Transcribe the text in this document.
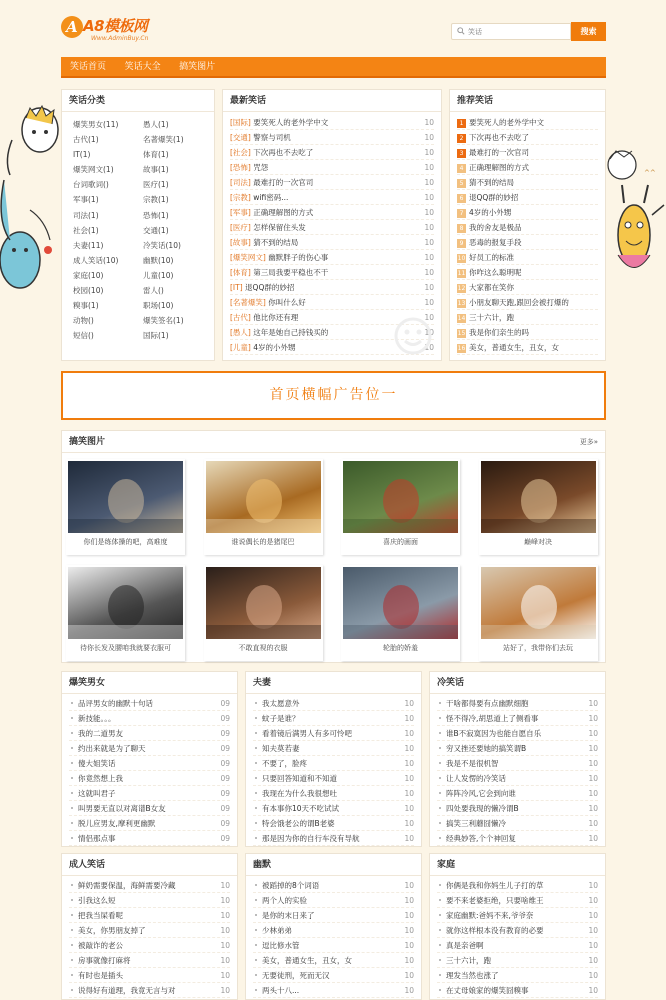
^^
A A8模板网
Www.AdminBuy.Cn
笑话
搜索
笑话首页 笑话大全 搞笑图片
笑话分类
爆笑男女(11)	愚人(1)
古代(1)	名著爆笑(1)
IT(1)	体育(1)
爆笑网文(1)	故事(1)
台词歌词()	医疗(1)
军事(1)	宗教(1)
司法(1)	恐怖(1)
社会(1)	交通(1)
夫妻(11)	冷笑话(10)
成人笑话(10)	幽默(10)
家庭(10)	儿童(10)
校园(10)	雷人()
糗事(1)	职场(10)
动物()	爆笑签名(1)
短信()	国际(1)
最新笑话
[国际] 要笑死人的老外学中文	10
[交通] 警察与司机	10
[社会] 下次再也不去吃了	10
[恐怖] 咒怨	10
[司法] 最难打的一次官司	10
[宗教] wifi密码...	10
[军事] 正确理解图的方式	10
[医疗] 怎样保留住头发	10
[故事] 猜不到的结局	10
[爆笑网文] 幽默胖子的伤心事	10
[体育] 第三局我要平稳也不干	10
[IT] 退QQ群的妙招	10
[名著爆笑] 你叫什么好	10
[古代] 他比你还有理	10
[愚人] 这年是她自己持钱买的	10
[儿童] 4岁的小外甥	10
推荐笑话
1 要笑死人的老外学中文
2 下次再也不去吃了
3 最难打的一次官司
4 正确理解图的方式
5 猜不到的结局
6 退QQ群的妙招
7 4岁的小外甥
8 我的舍友是极品
9 恶毒的报复手段
10 好员工的标准
11 你咋这么聪明呢
12 大家都在笑你
13 小朋友聊天跑,跟回会被打爆的
14 三十六计，跑
15 我是你们亲生的吗
16 美女，普通女生，丑女，女
首页横幅广告位一
搞笑图片	更多»
你们是练体操的吧，高难度	谁说偶长的是猪尾巴	喜庆的画面	巅峰对决
待你长发及腰咱我就要衣服可	不敢直视的衣服	轮胎的娇羞	站好了，我带你们去玩
爆笑男女
品评男女的幽默十句话	09
新技能。。。	09
我的二道男友	09
约出来就是为了聊天	09
傻大姐笑话	09
你竟然想上我	09
这就叫君子	09
叫男要无直以对离谱B女友	09
脱儿应男友,摩利更幽默	09
情侣那点事	09
夫妻
我太愿意外	10
蚊子是谁？	10
看着镜后满男人有多可怜吧	10
知夫莫若妻	10
不要了，脸疼	10
只要回答知道和不知道	10
我现在为什么我很想吐	10
有本事你10天不吃试试	10
特会饿老公的谓B老婆	10
那是因为你的自行车没有导航	10
冷笑话
干啥都得要有点幽默细胞	10
怪不得冷,胡思道上了侧看事	10
谁B不寂寞因为也能自愿自乐	10
穷又挫还要她的搞笑谓B	10
我是不是很机智	10
让人发愣的冷笑话	10
阵阵冷风,它会到向谁	10
四处要我现的懒冷谓B	10
搞笑三利蘑囧懒冷	10
经典妙答,个个神回复	10
成人笑话
鲜奶需要保温，海鲜需要冷藏	10
引我这么短	10
把我当屎看呢	10
美女，你男朋友掉了	10
被敲诈的老公	10
房事就像打麻将	10
有时也是插头	10
说得好有道理，我竟无言与对	10
幽默
被蹈掉的8个词语	10
两个人的实验	10
是你的末日来了	10
少林弟弟	10
逗比修水管	10
美女，普通女生，丑女，女	10
无要徒刑，死而无汉	10
两头十八...	10
家庭
你俩是我和你妈生儿子打的草	10
要不来老婆拒绝，只要啥维王	10
家庭幽默:爸妈不来,爷爷奈	10
就你这样根本没有教育的必要	10
真是亲爸啊	10
三十六计，跑	10
理发当然也涨了	10
在丈母娘家的爆笑囧糗事	10
